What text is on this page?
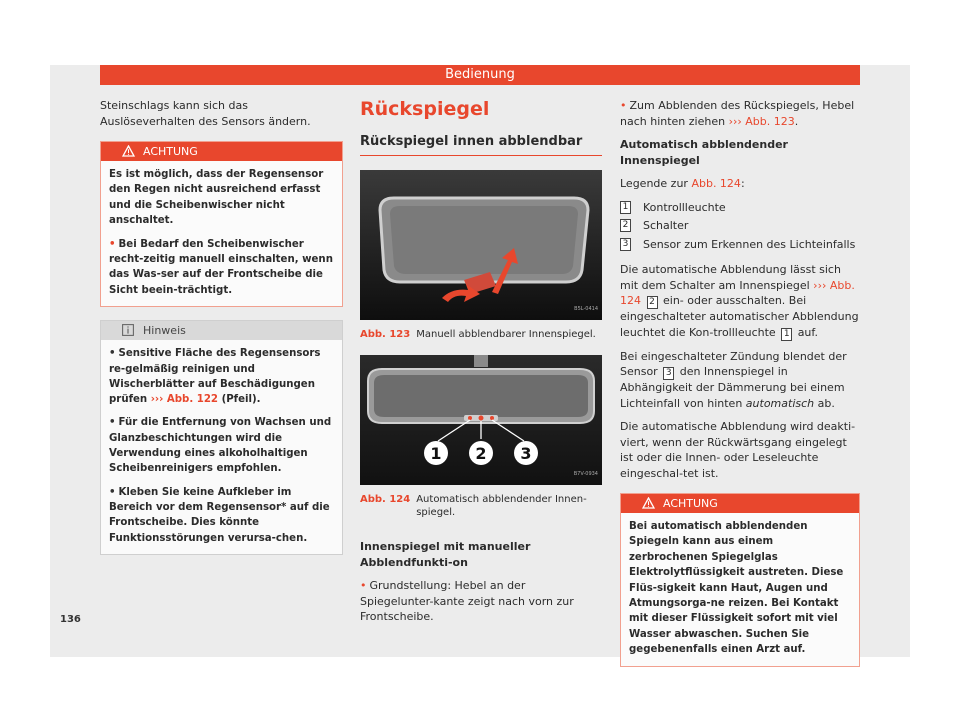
Bedienung

Steinschlags kann sich das Auslöseverhalten des Sensors ändern.

ACHTUNG

Es ist möglich, dass der Regensensor den Regen nicht ausreichend erfasst und die Scheibenwischer nicht anschaltet.

• Bei Bedarf den Scheibenwischer recht-zeitig manuell einschalten, wenn das Was-ser auf der Frontscheibe die Sicht beein-trächtigt.

Hinweis

• Sensitive Fläche des Regensensors re-gelmäßig reinigen und Wischerblätter auf Beschädigungen prüfen ››› Abb. 122 (Pfeil).

• Für die Entfernung von Wachsen und Glanzbeschichtungen wird die Verwendung eines alkoholhaltigen Scheibenreinigers empfohlen.

• Kleben Sie keine Aufkleber im Bereich vor dem Regensensor* auf die Frontscheibe. Dies könnte Funktionsstörungen verursa-chen.

Rückspiegel
Rückspiegel innen abblendbar
B5L-0414
Abb. 123 Manuell abblendbarer Innenspiegel.
1 2 3
B7V-0934
Abb. 124 Automatisch abblendender Innen-spiegel.

Innenspiegel mit manueller Abblendfunkti-on

• Grundstellung: Hebel an der Spiegelunter-kante zeigt nach vorn zur Frontscheibe.

• Zum Abblenden des Rückspiegels, Hebel nach hinten ziehen ››› Abb. 123.

Automatisch abblendender Innenspiegel

Legende zur Abb. 124:

1 Kontrollleuchte
2 Schalter
3 Sensor zum Erkennen des Lichteinfalls

Die automatische Abblendung lässt sich mit dem Schalter am Innenspiegel ››› Abb. 124 2 ein- oder ausschalten. Bei eingeschalteter automatischer Abblendung leuchtet die Kon-trollleuchte 1 auf.

Bei eingeschalteter Zündung blendet der Sensor 3 den Innenspiegel in Abhängigkeit der Dämmerung bei einem Lichteinfall von hinten automatisch ab.

Die automatische Abblendung wird deakti-viert, wenn der Rückwärtsgang eingelegt ist oder die Innen- oder Leseleuchte eingeschal-tet ist.

ACHTUNG

Bei automatisch abblendenden Spiegeln kann aus einem zerbrochenen Spiegelglas Elektrolytflüssigkeit austreten. Diese Flüs-sigkeit kann Haut, Augen und Atmungsorga-ne reizen. Bei Kontakt mit dieser Flüssigkeit sofort mit viel Wasser abwaschen. Suchen Sie gegebenenfalls einen Arzt auf.

136
